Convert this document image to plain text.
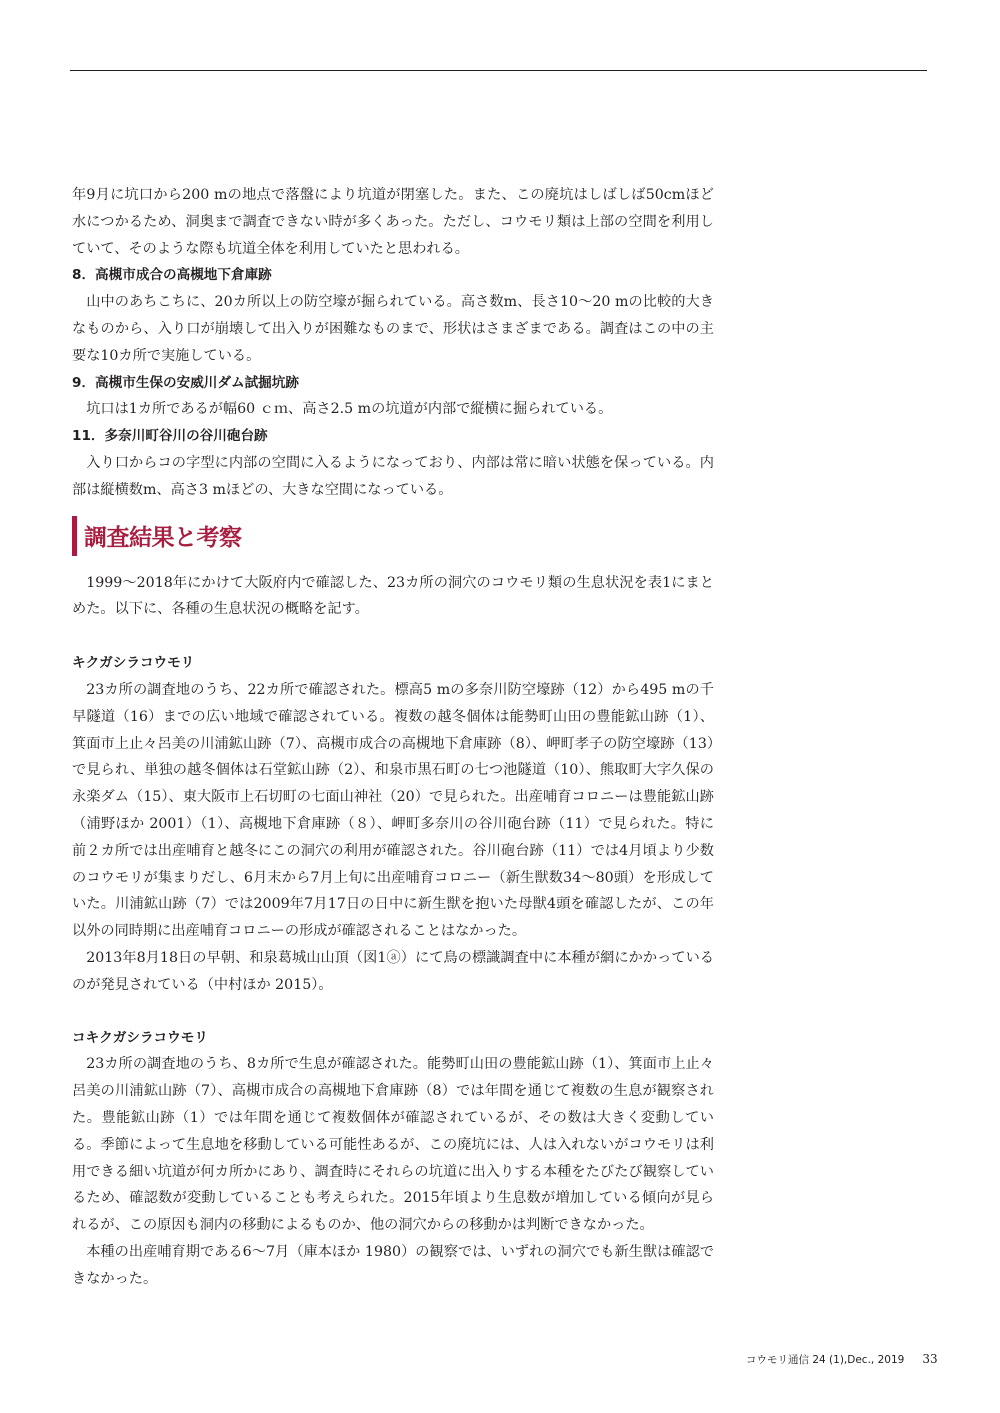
年9月に坑口から200 mの地点で落盤により坑道が閉塞した。また、この廃坑はしばしば50cmほど水につかるため、洞奥まで調査できない時が多くあった。ただし、コウモリ類は上部の空間を利用していて、そのような際も坑道全体を利用していたと思われる。

8．高槻市成合の高槻地下倉庫跡

山中のあちこちに、20カ所以上の防空壕が掘られている。高さ数m、長さ10〜20 mの比較的大きなものから、入り口が崩壊して出入りが困難なものまで、形状はさまざまである。調査はこの中の主要な10カ所で実施している。

9．高槻市生保の安威川ダム試掘坑跡

坑口は1カ所であるが幅60 ｃｍ、高さ2.5 mの坑道が内部で縦横に掘られている。

11．多奈川町谷川の谷川砲台跡

入り口からコの字型に内部の空間に入るようになっており、内部は常に暗い状態を保っている。内部は縦横数m、高さ3 mほどの、大きな空間になっている。

調査結果と考察

1999〜2018年にかけて大阪府内で確認した、23カ所の洞穴のコウモリ類の生息状況を表1にまとめた。以下に、各種の生息状況の概略を記す。

キクガシラコウモリ

23カ所の調査地のうち、22カ所で確認された。標高5 mの多奈川防空壕跡（12）から495 mの千早隧道（16）までの広い地域で確認されている。複数の越冬個体は能勢町山田の豊能鉱山跡（1）、箕面市上止々呂美の川浦鉱山跡（7）、高槻市成合の高槻地下倉庫跡（8）、岬町孝子の防空壕跡（13）で見られ、単独の越冬個体は石堂鉱山跡（2）、和泉市黒石町の七つ池隧道（10）、熊取町大字久保の永楽ダム（15）、東大阪市上石切町の七面山神社（20）で見られた。出産哺育コロニーは豊能鉱山跡（浦野ほか 2001）（1）、高槻地下倉庫跡（８）、岬町多奈川の谷川砲台跡（11）で見られた。特に前２カ所では出産哺育と越冬にこの洞穴の利用が確認された。谷川砲台跡（11）では4月頃より少数のコウモリが集まりだし、6月末から7月上旬に出産哺育コロニー（新生獣数34〜80頭）を形成していた。川浦鉱山跡（7）では2009年7月17日の日中に新生獣を抱いた母獣4頭を確認したが、この年以外の同時期に出産哺育コロニーの形成が確認されることはなかった。

2013年8月18日の早朝、和泉葛城山山頂（図1ⓐ）にて鳥の標識調査中に本種が網にかかっているのが発見されている（中村ほか 2015）。

コキクガシラコウモリ

23カ所の調査地のうち、8カ所で生息が確認された。能勢町山田の豊能鉱山跡（1）、箕面市上止々呂美の川浦鉱山跡（7）、高槻市成合の高槻地下倉庫跡（8）では年間を通じて複数の生息が観察された。豊能鉱山跡（1）では年間を通じて複数個体が確認されているが、その数は大きく変動している。季節によって生息地を移動している可能性あるが、この廃坑には、人は入れないがコウモリは利用できる細い坑道が何カ所かにあり、調査時にそれらの坑道に出入りする本種をたびたび観察しているため、確認数が変動していることも考えられた。2015年頃より生息数が増加している傾向が見られるが、この原因も洞内の移動によるものか、他の洞穴からの移動かは判断できなかった。

本種の出産哺育期である6〜7月（庫本ほか 1980）の観察では、いずれの洞穴でも新生獣は確認できなかった。

コウモリ通信 24 (1),Dec., 2019 33
